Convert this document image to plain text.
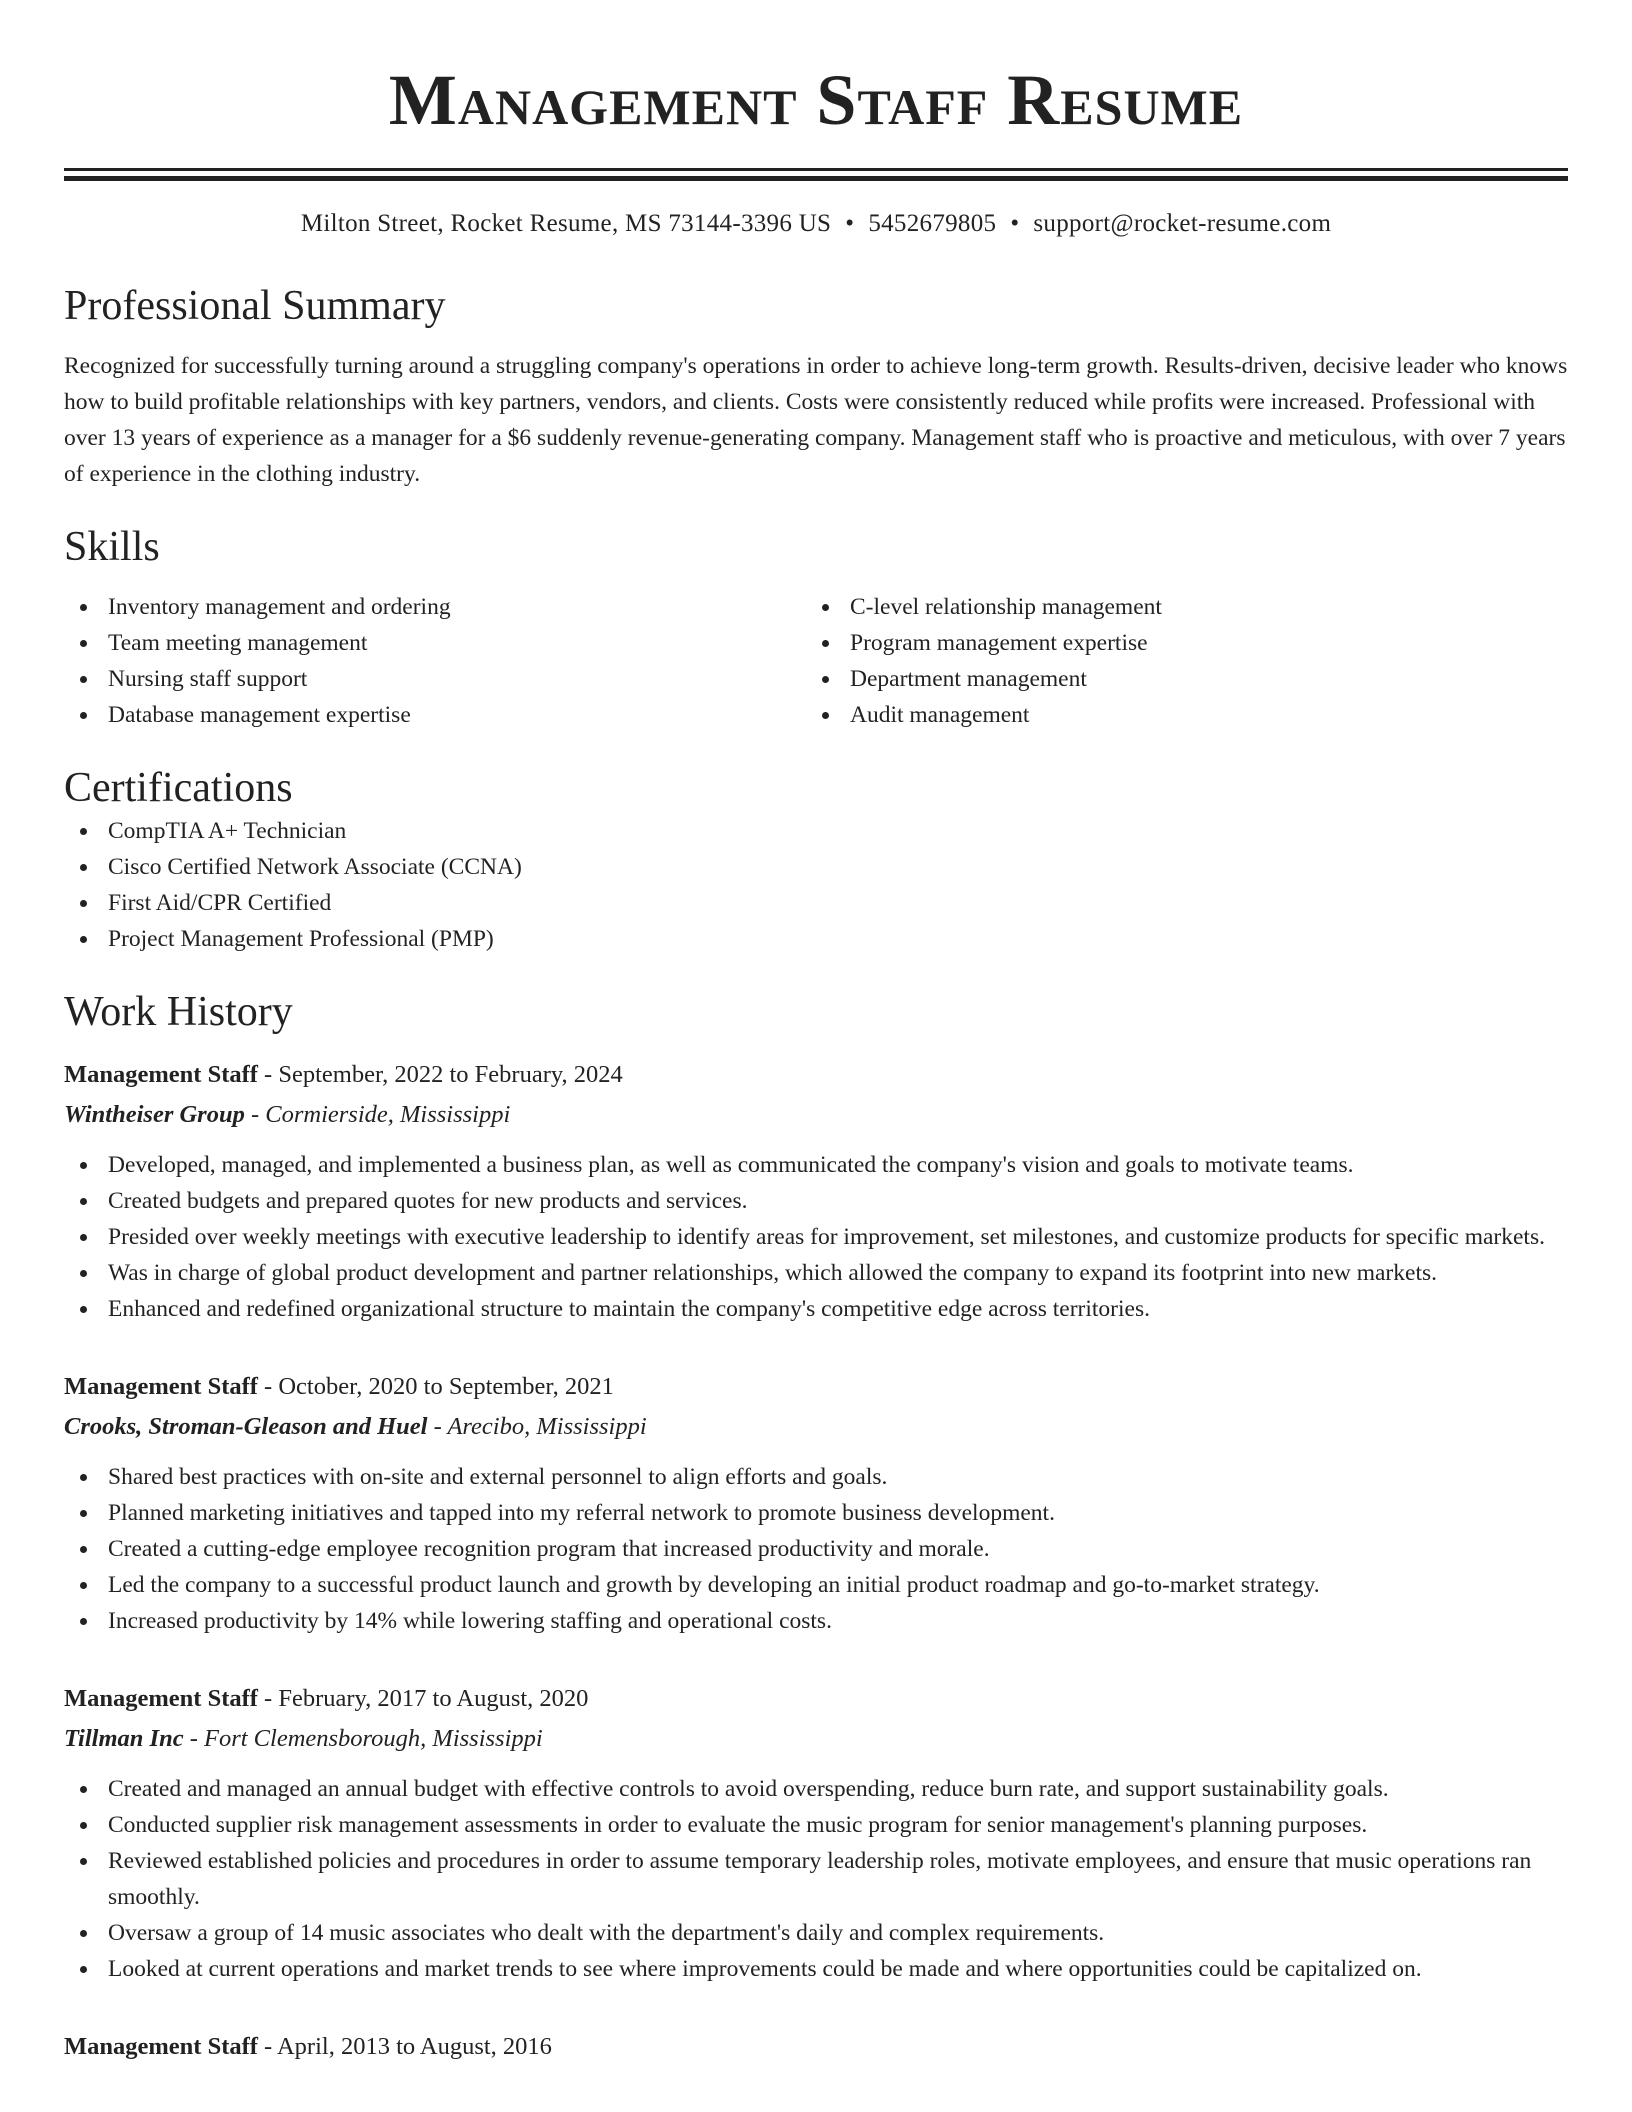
Management Staff Resume
Milton Street, Rocket Resume, MS 73144-3396 US • 5452679805 • support@rocket-resume.com
Professional Summary

Recognized for successfully turning around a struggling company's operations in order to achieve long-term growth. Results-driven, decisive leader who knows how to build profitable relationships with key partners, vendors, and clients. Costs were consistently reduced while profits were increased. Professional with over 13 years of experience as a manager for a $6 suddenly revenue-generating company. Management staff who is proactive and meticulous, with over 7 years of experience in the clothing industry.

Skills
Inventory management and ordering
Team meeting management
Nursing staff support
Database management expertise
C-level relationship management
Program management expertise
Department management
Audit management
Certifications
CompTIA A+ Technician
Cisco Certified Network Associate (CCNA)
First Aid/CPR Certified
Project Management Professional (PMP)
Work History
Management Staff - September, 2022 to February, 2024
Wintheiser Group - Cormierside, Mississippi
Developed, managed, and implemented a business plan, as well as communicated the company's vision and goals to motivate teams.
Created budgets and prepared quotes for new products and services.
Presided over weekly meetings with executive leadership to identify areas for improvement, set milestones, and customize products for specific markets.
Was in charge of global product development and partner relationships, which allowed the company to expand its footprint into new markets.
Enhanced and redefined organizational structure to maintain the company's competitive edge across territories.
Management Staff - October, 2020 to September, 2021
Crooks, Stroman-Gleason and Huel - Arecibo, Mississippi
Shared best practices with on-site and external personnel to align efforts and goals.
Planned marketing initiatives and tapped into my referral network to promote business development.
Created a cutting-edge employee recognition program that increased productivity and morale.
Led the company to a successful product launch and growth by developing an initial product roadmap and go-to-market strategy.
Increased productivity by 14% while lowering staffing and operational costs.
Management Staff - February, 2017 to August, 2020
Tillman Inc - Fort Clemensborough, Mississippi
Created and managed an annual budget with effective controls to avoid overspending, reduce burn rate, and support sustainability goals.
Conducted supplier risk management assessments in order to evaluate the music program for senior management's planning purposes.
Reviewed established policies and procedures in order to assume temporary leadership roles, motivate employees, and ensure that music operations ran smoothly.
Oversaw a group of 14 music associates who dealt with the department's daily and complex requirements.
Looked at current operations and market trends to see where improvements could be made and where opportunities could be capitalized on.
Management Staff - April, 2013 to August, 2016
